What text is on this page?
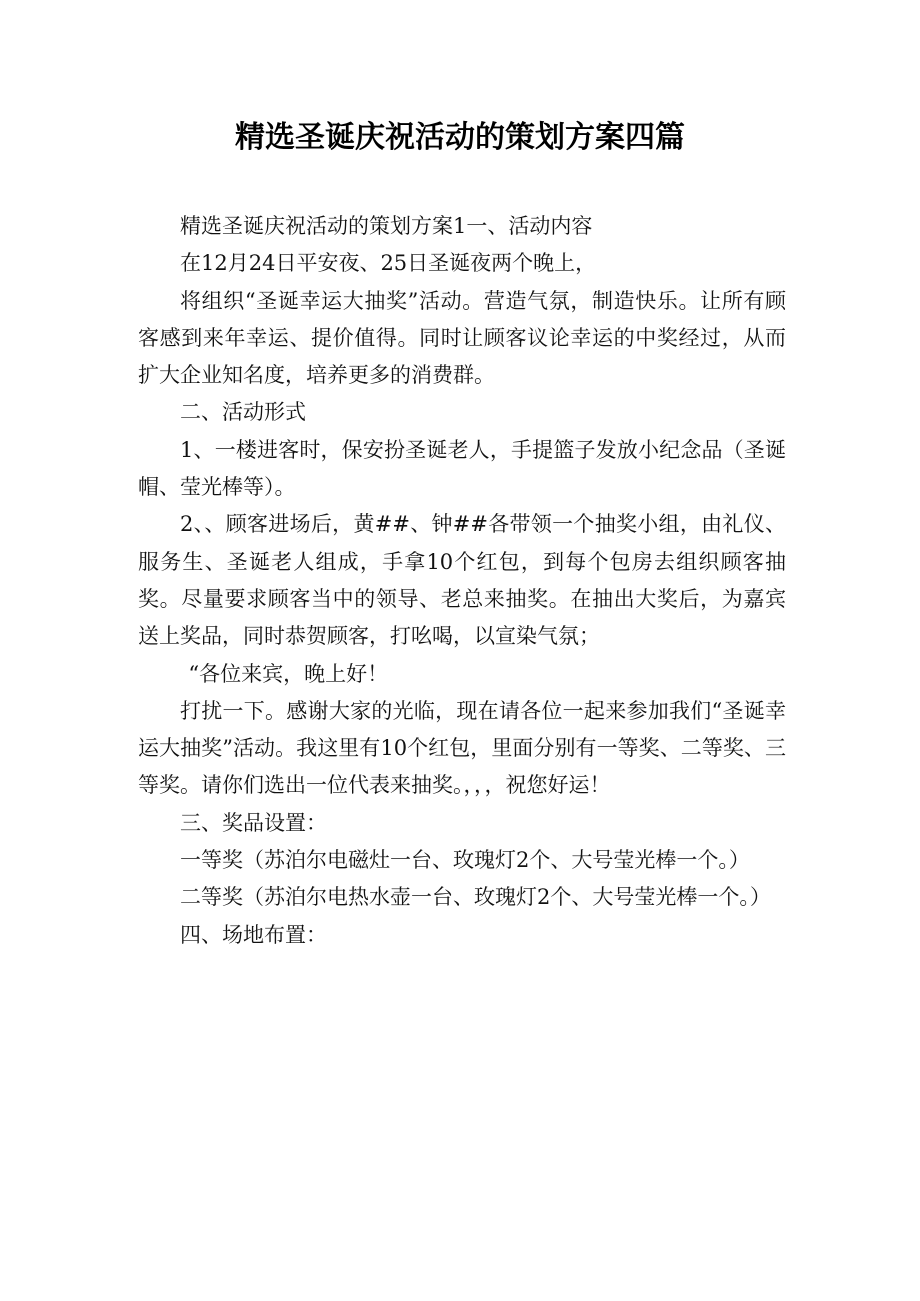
精选圣诞庆祝活动的策划方案四篇

精选圣诞庆祝活动的策划方案1一、活动内容

在12月24日平安夜、25日圣诞夜两个晚上，

将组织“圣诞幸运大抽奖”活动。营造气氛，制造快乐。让所有顾客感到来年幸运、提价值得。同时让顾客议论幸运的中奖经过，从而扩大企业知名度，培养更多的消费群。

二、活动形式

1、一楼进客时，保安扮圣诞老人，手提篮子发放小纪念品（圣诞帽、莹光棒等）。

2、、顾客进场后，黄##、钟##各带领一个抽奖小组，由礼仪、服务生、圣诞老人组成，手拿10个红包，到每个包房去组织顾客抽奖。尽量要求顾客当中的领导、老总来抽奖。在抽出大奖后，为嘉宾送上奖品，同时恭贺顾客，打吆喝，以宣染气氛；

“各位来宾，晚上好！

打扰一下。感谢大家的光临，现在请各位一起来参加我们“圣诞幸运大抽奖”活动。我这里有10个红包，里面分别有一等奖、二等奖、三等奖。请你们选出一位代表来抽奖。，，，祝您好运！

三、奖品设置：

一等奖（苏泊尔电磁灶一台、玫瑰灯2个、大号莹光棒一个。）

二等奖（苏泊尔电热水壶一台、玫瑰灯2个、大号莹光棒一个。）

四、场地布置：
